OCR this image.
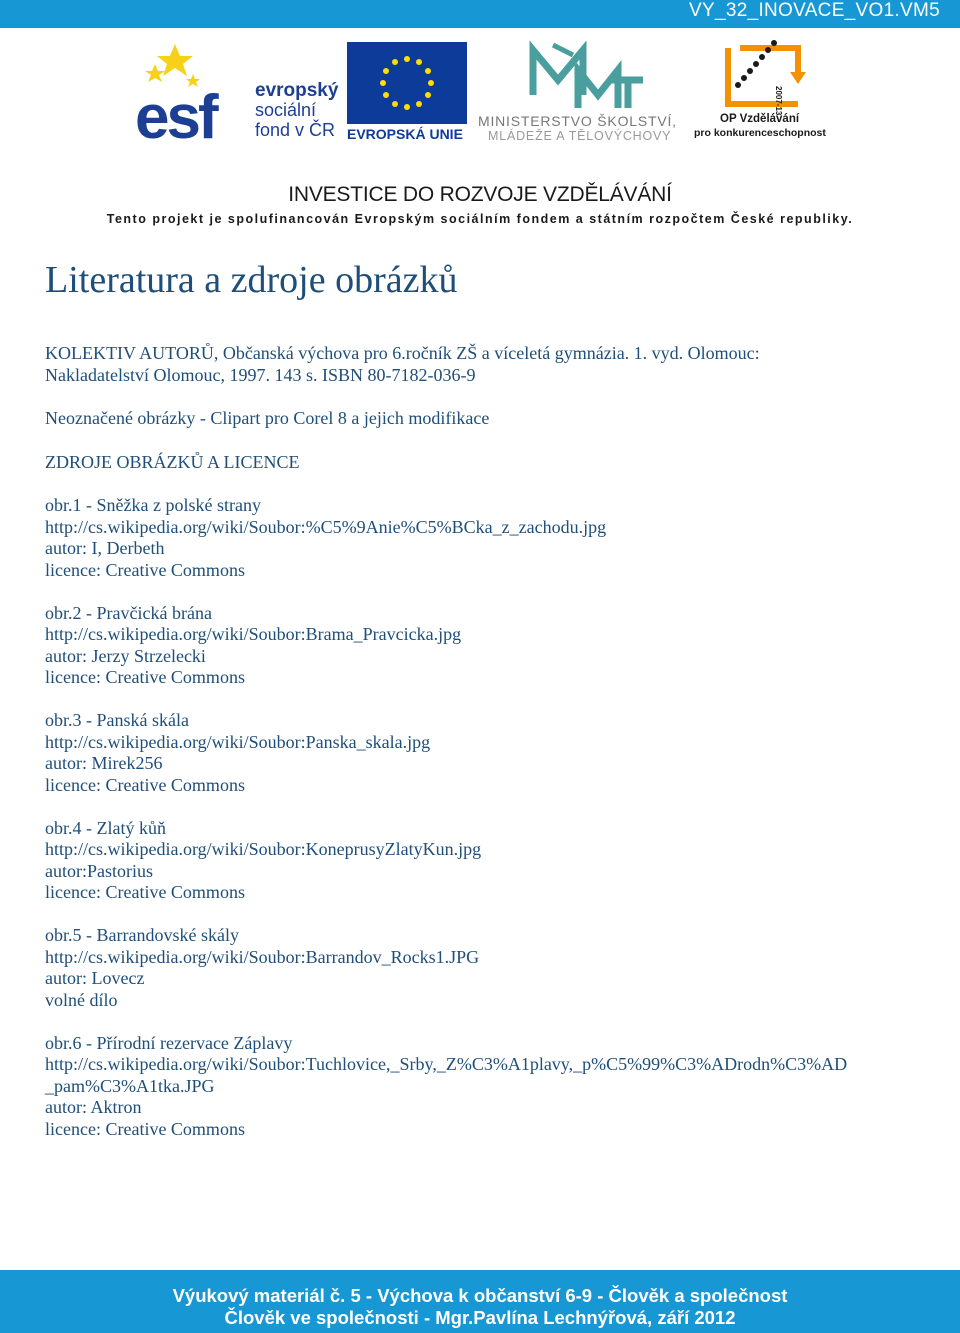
VY_32_INOVACE_VO1.VM5
esf evropský
sociální
fond v ČR EVROPSKÁ UNIE
MINISTERSTVO ŠKOLSTVÍ,
MLÁDEŽE A TĚLOVÝCHOVY
2007-13
OP Vzdělávání
pro konkurenceschopnost
INVESTICE DO ROZVOJE VZDĚLÁVÁNÍ
Tento projekt je spolufinancován Evropským sociálním fondem a státním rozpočtem České republiky.
Literatura a zdroje obrázků

KOLEKTIV AUTORŮ, Občanská výchova pro 6.ročník ZŠ a víceletá gymnázia. 1. vyd. Olomouc:

Nakladatelství Olomouc, 1997. 143 s. ISBN 80-7182-036-9

Neoznačené obrázky - Clipart pro Corel 8 a jejich modifikace

ZDROJE OBRÁZKŮ A LICENCE

obr.1 - Sněžka z polské strany

http://cs.wikipedia.org/wiki/Soubor:%C5%9Anie%C5%BCka_z_zachodu.jpg

autor: I, Derbeth

licence: Creative Commons

obr.2 - Pravčická brána

http://cs.wikipedia.org/wiki/Soubor:Brama_Pravcicka.jpg

autor: Jerzy Strzelecki

licence: Creative Commons

obr.3 - Panská skála

http://cs.wikipedia.org/wiki/Soubor:Panska_skala.jpg

autor: Mirek256

licence: Creative Commons

obr.4 - Zlatý kůň

http://cs.wikipedia.org/wiki/Soubor:KoneprusyZlatyKun.jpg

autor:Pastorius

licence: Creative Commons

obr.5 - Barrandovské skály

http://cs.wikipedia.org/wiki/Soubor:Barrandov_Rocks1.JPG

autor: Lovecz

volné dílo

obr.6 - Přírodní rezervace Záplavy

http://cs.wikipedia.org/wiki/Soubor:Tuchlovice,_Srby,_Z%C3%A1plavy,_p%C5%99%C3%ADrodn%C3%AD

_pam%C3%A1tka.JPG

autor: Aktron

licence: Creative Commons

Výukový materiál č. 5 - Výchova k občanství 6-9 - Člověk a společnost
Člověk ve společnosti - Mgr.Pavlína Lechnýřová, září 2012
